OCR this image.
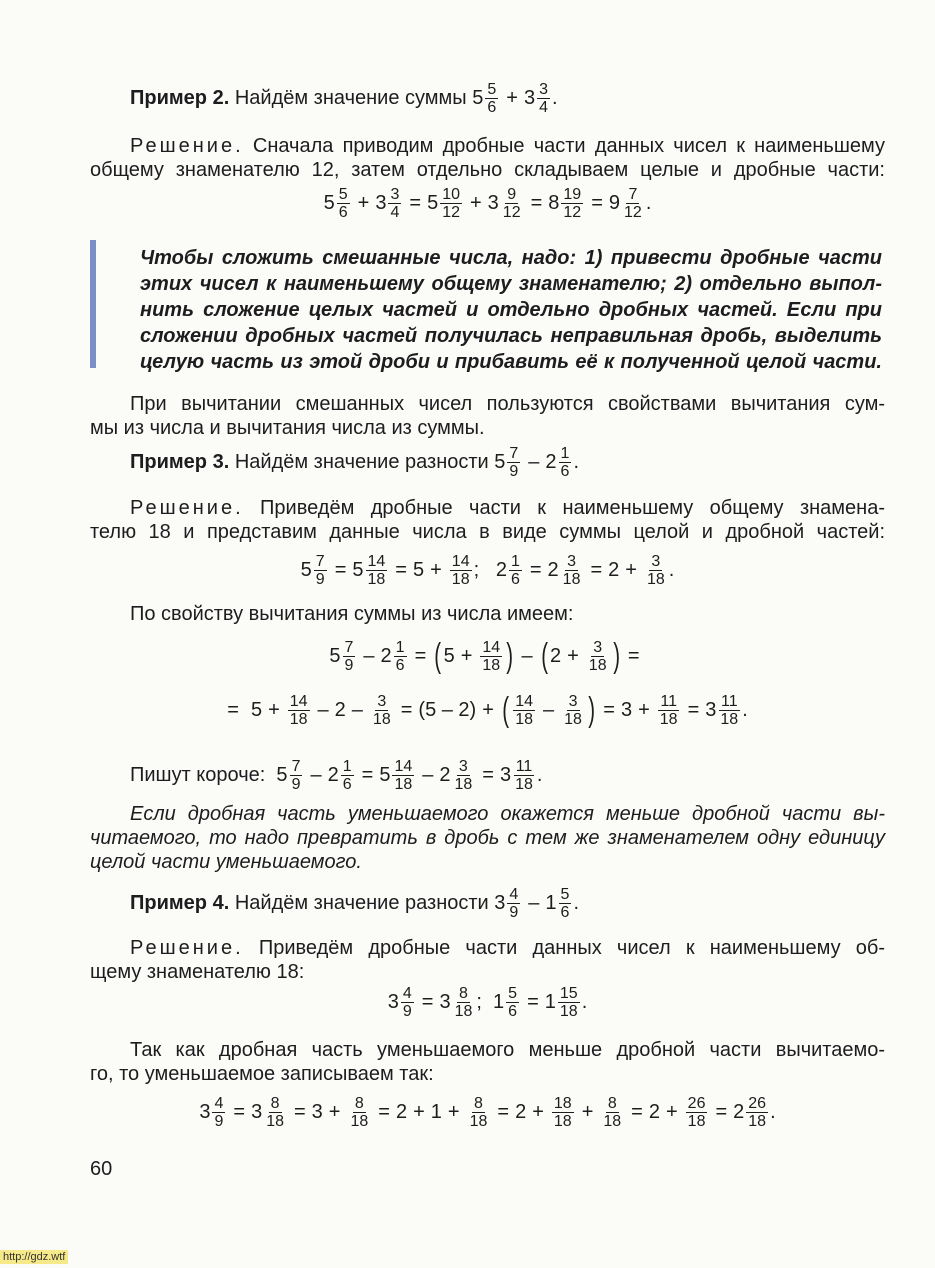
Пример 2.
Найдём значение суммы
5 5
6 + 3 3
4 .
Решение. Сначала приводим дробные части данных чисел к наименьшему
общему знаменателю 12, затем отдельно складываем целые и дробные части:
5 5
$6 + 3 \frac{3}{4} = 5$ 10
$12 + 3 \frac{9}{12} = 8 \frac{19}{12} = 9$ 7
12 .
Чтобы сложить смешанные числа, надо: 1) привести дробные части
этих чисел к наименьшему общему знаменателю; 2) отдельно выпол-
нить сложение целых частей и отдельно дробных частей. Если при
сложении дробных частей получилась неправильная дробь, выделить
целую часть из этой дроби и прибавить её к полученной целой части.
При вычитании смешанных чисел пользуются свойствами вычитания сум-
мы из числа и вычитания числа из суммы.
Пример 3.
Найдём значение разности
5 7
9 – 2 1
6 .
Решение. Приведём дробные части к наименьшему общему знамена-
телю 18 и представим данные числа в виде суммы целой и дробной частей:
$5 \frac{7}{9} = 5 \frac{14}{18} = 5 + \frac{14}{18}$ ;   $2 \frac{1}{6} = 2 \frac{3}{18} = 2 + \frac{3}{18}$ .
По свойству вычитания суммы из числа имеем:
5 7
$9 - 2 \frac{1}{6}$ = ( $5 + \frac{14}{18}$ ) – ( $2 + \frac{3}{18}$ ) =
= $5 + \frac{14}{18} - 2 - \frac{3}{18} = (5 - 2)$ + ( 14
18 – 3
18 ) = $3 + \frac{11}{18} = 3 \frac{11}{18}$ .
Пишут короче: 5 7
$9 - 2 \frac{1}{6} = 5 \frac{14}{18} - 2 \frac{3}{18} = 3 \frac{11}{18}$ .
Если дробная часть уменьшаемого окажется меньше дробной части вы-
читаемого, то надо превратить в дробь с тем же знаменателем одну единицу
целой части уменьшаемого.
Пример 4.
Найдём значение разности
3 4
9 – 1 5
6 .
Решение. Приведём дробные части данных чисел к наименьшему об-
щему знаменателю 18:
$3 \frac{4}{9} = 3 \frac{8}{18}$ ;  $1 \frac{5}{6} = 1 \frac{15}{18}$ .
Так как дробная часть уменьшаемого меньше дробной части вычитаемо-
го, то уменьшаемое записываем так:
$3 \frac{4}{9} = 3 \frac{8}{18} = 3 + \frac{8}{18} = 2 + 1 + \frac{8}{18} = 2 + \frac{18}{18} + \frac{8}{18} = 2 + \frac{26}{18} = 2 \frac{26}{18}$ .
60
http://gdz.wtf
